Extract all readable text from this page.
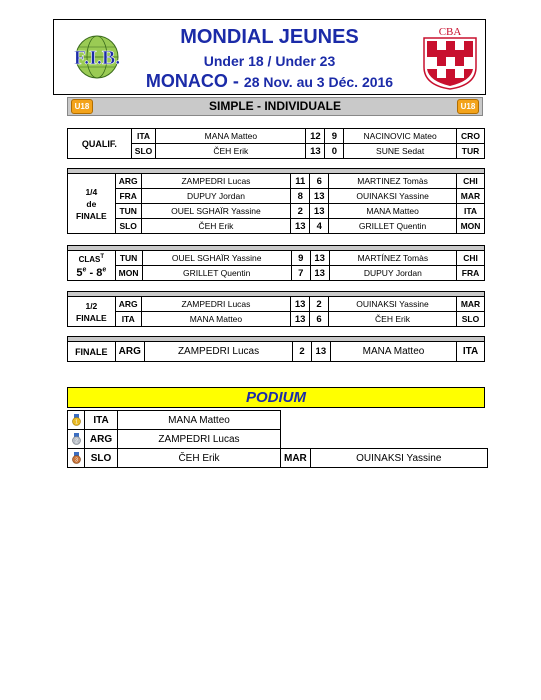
F.I.B.
MONDIAL JEUNES
Under 18 / Under 23
MONACO - 28 Nov. au 3 Déc. 2016
CBA
U18	SIMPLE - INDIVIDUALE	U18
QUALIF.	ITA	MANA Matteo	12	9	NACINOVIC Mateo	CRO
	SLO	ČEH Erik	13	0	SUNE Sedat	TUR

1/4
de
FINALE	ARG	ZAMPEDRI Lucas	11	6	MARTINEZ Tomàs	CHI
	FRA	DUPUY Jordan	8	13	OUINAKSI Yassine	MAR
	TUN	OUEL SGHAÏR Yassine	2	13	MANA Matteo	ITA
	SLO	ČEH Erik	13	4	GRILLET Quentin	MON

$CLAS^T$
5e - 8e	TUN	OUEL SGHAÏR Yassine	9	13	MARTÍNEZ Tomàs	CHI
	MON	GRILLET Quentin	7	13	DUPUY Jordan	FRA

1/2
FINALE	ARG	ZAMPEDRI Lucas	13	2	OUINAKSI Yassine	MAR
	ITA	MANA Matteo	13	6	ČEH Erik	SLO

FINALE	ARG	ZAMPEDRI Lucas	2	13	MANA Matteo	ITA
PODIUM
1	ITA	MANA Matteo		

2	ARG	ZAMPEDRI Lucas		

3	SLO	ČEH Erik	MAR	OUINAKSI Yassine
